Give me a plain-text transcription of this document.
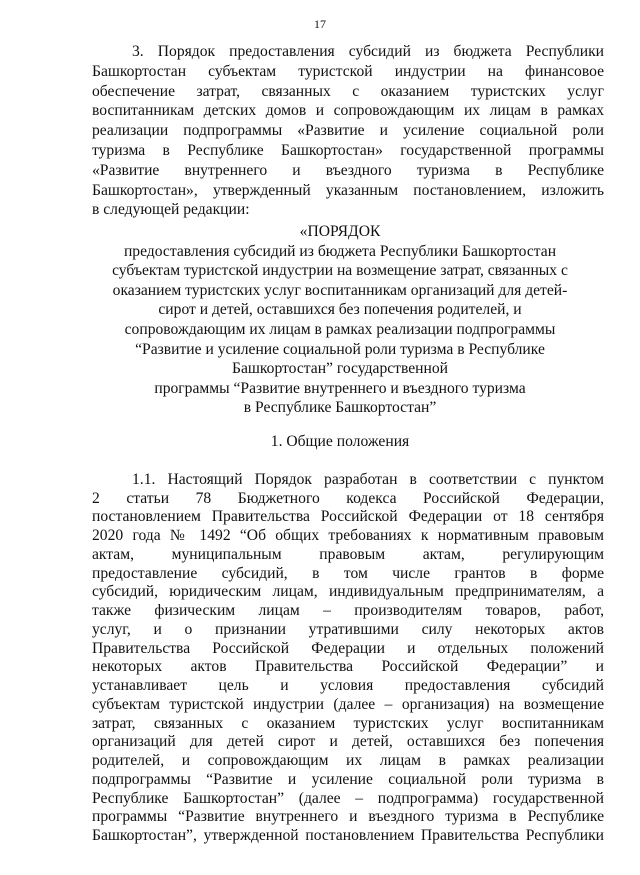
17
3. Порядок предоставления субсидий из бюджета Республики
Башкортостан субъектам туристской индустрии на финансовое
обеспечение затрат, связанных с оказанием туристских услуг
воспитанникам детских домов и сопровождающим их лицам в рамках
реализации подпрограммы «Развитие и усиление социальной роли
туризма в Республике Башкортостан» государственной программы
«Развитие внутреннего и въездного туризма в Республике
Башкортостан», утвержденный указанным постановлением, изложить
в следующей редакции:
«ПОРЯДОК
предоставления субсидий из бюджета Республики Башкортостан
субъектам туристской индустрии на возмещение затрат, связанных с
оказанием туристских услуг воспитанникам организаций для детей-
сирот и детей, оставшихся без попечения родителей, и
сопровождающим их лицам в рамках реализации подпрограммы
“Развитие и усиление социальной роли туризма в Республике
Башкортостан” государственной
программы “Развитие внутреннего и въездного туризма
в Республике Башкортостан”
1. Общие положения
1.1. Настоящий Порядок разработан в соответствии с пунктом
2 статьи 78 Бюджетного кодекса Российской Федерации,
постановлением Правительства Российской Федерации от 18 сентября
2020 года № 1492 “Об общих требованиях к нормативным правовым
актам, муниципальным правовым актам, регулирующим
предоставление субсидий, в том числе грантов в форме
субсидий, юридическим лицам, индивидуальным предпринимателям, а
также физическим лицам – производителям товаров, работ,
услуг, и о признании утратившими силу некоторых актов
Правительства Российской Федерации и отдельных положений
некоторых актов Правительства Российской Федерации” и
устанавливает цель и условия предоставления субсидий
субъектам туристской индустрии (далее – организация) на возмещение
затрат, связанных с оказанием туристских услуг воспитанникам
организаций для детей сирот и детей, оставшихся без попечения
родителей, и сопровождающим их лицам в рамках реализации
подпрограммы “Развитие и усиление социальной роли туризма в
Республике Башкортостан” (далее – подпрограмма) государственной
программы “Развитие внутреннего и въездного туризма в Республике
Башкортостан”, утвержденной постановлением Правительства Республики
